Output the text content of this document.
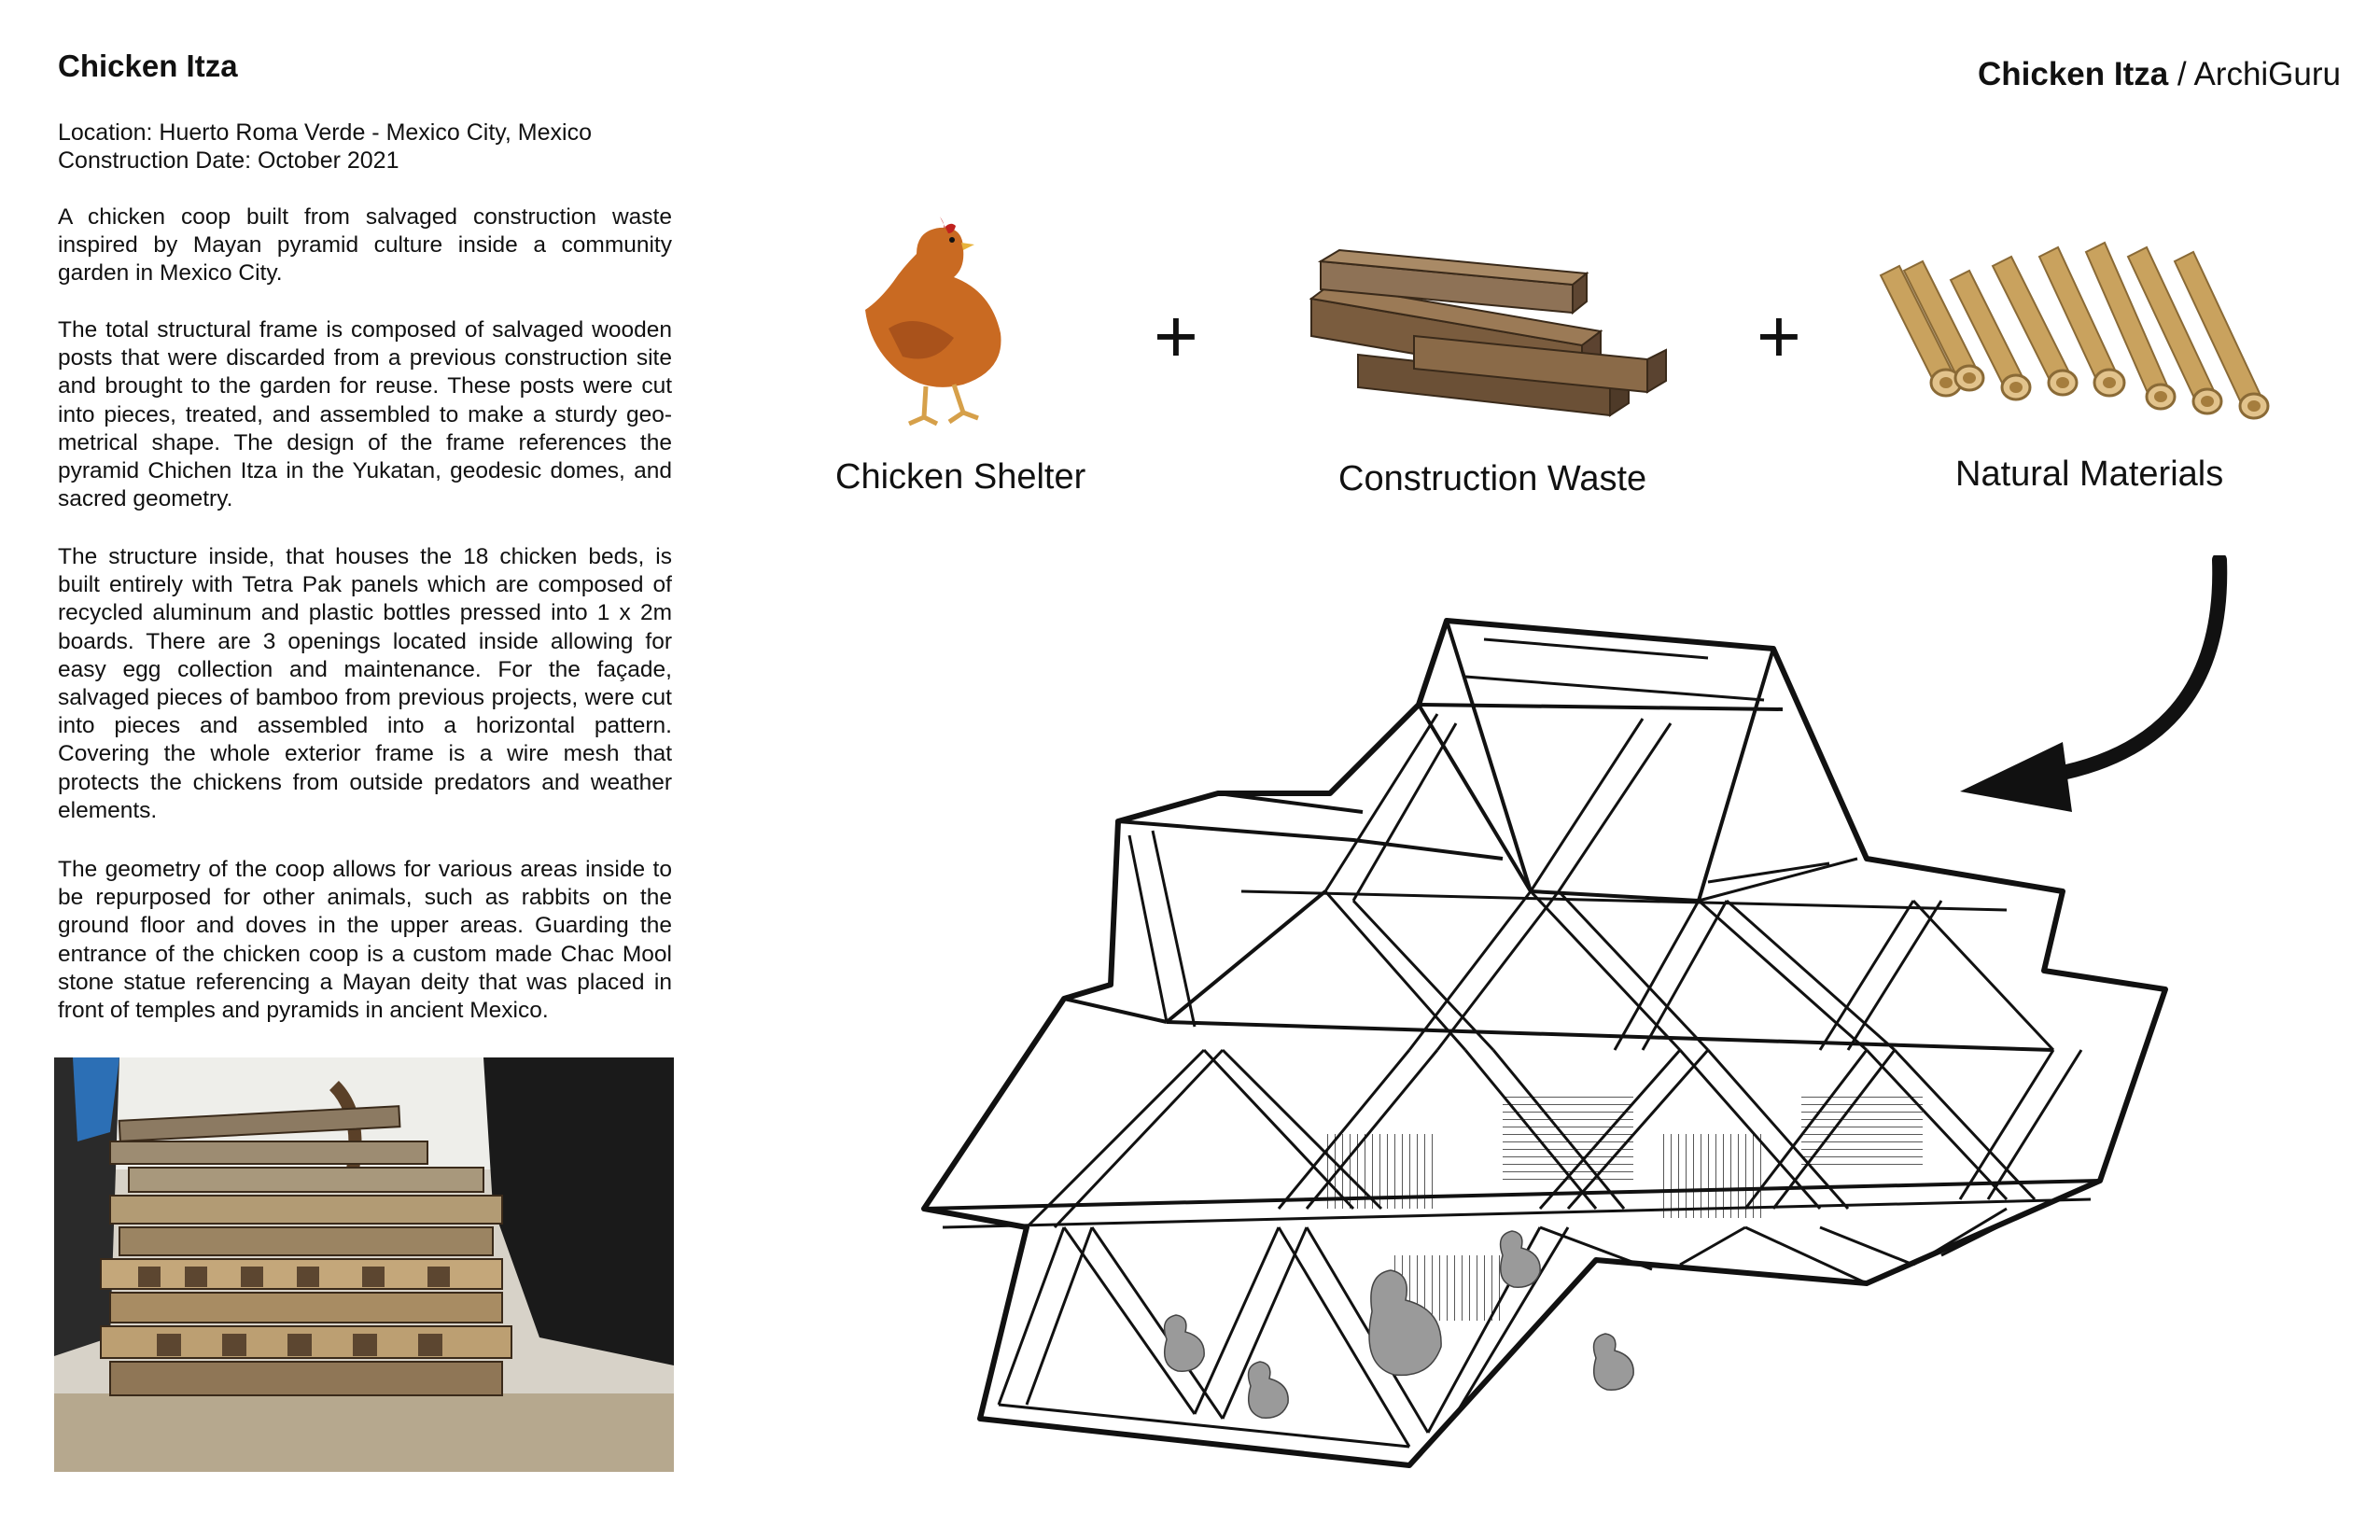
Chicken Itza
Location: Huerto Roma Verde - Mexico City, Mexico
Construction Date: October 2021
A chicken coop built from salvaged construction waste inspired by Mayan pyramid culture inside a community garden in Mexico City.
The total structural frame is composed of salvaged wooden posts that were discarded from a previous construction site and brought to the garden for reuse. These posts were cut into pieces, treated, and assembled to make a sturdy geo-metrical shape. The design of the frame references the pyramid Chichen Itza in the Yukatan, geodesic domes, and sacred geometry.
The structure inside, that houses the 18 chicken beds, is built entirely with Tetra Pak panels which are composed of recycled aluminum and plastic bottles pressed into 1 x 2m boards. There are 3 openings located inside allowing for easy egg collection and maintenance. For the façade, salvaged pieces of bamboo from previous projects, were cut into pieces and assembled into a horizontal pattern. Covering the whole exterior frame is a wire mesh that protects the chickens from outside predators and weather elements.
The geometry of the coop allows for various areas inside to be repurposed for other animals, such as rabbits on the ground floor and doves in the upper areas. Guarding the entrance of the chicken coop is a custom made Chac Mool stone statue referencing a Mayan deity that was placed in front of temples and pyramids in ancient Mexico.
Chicken Itza / ArchiGuru
+	+
Chicken Shelter	Construction Waste	Natural Materials
